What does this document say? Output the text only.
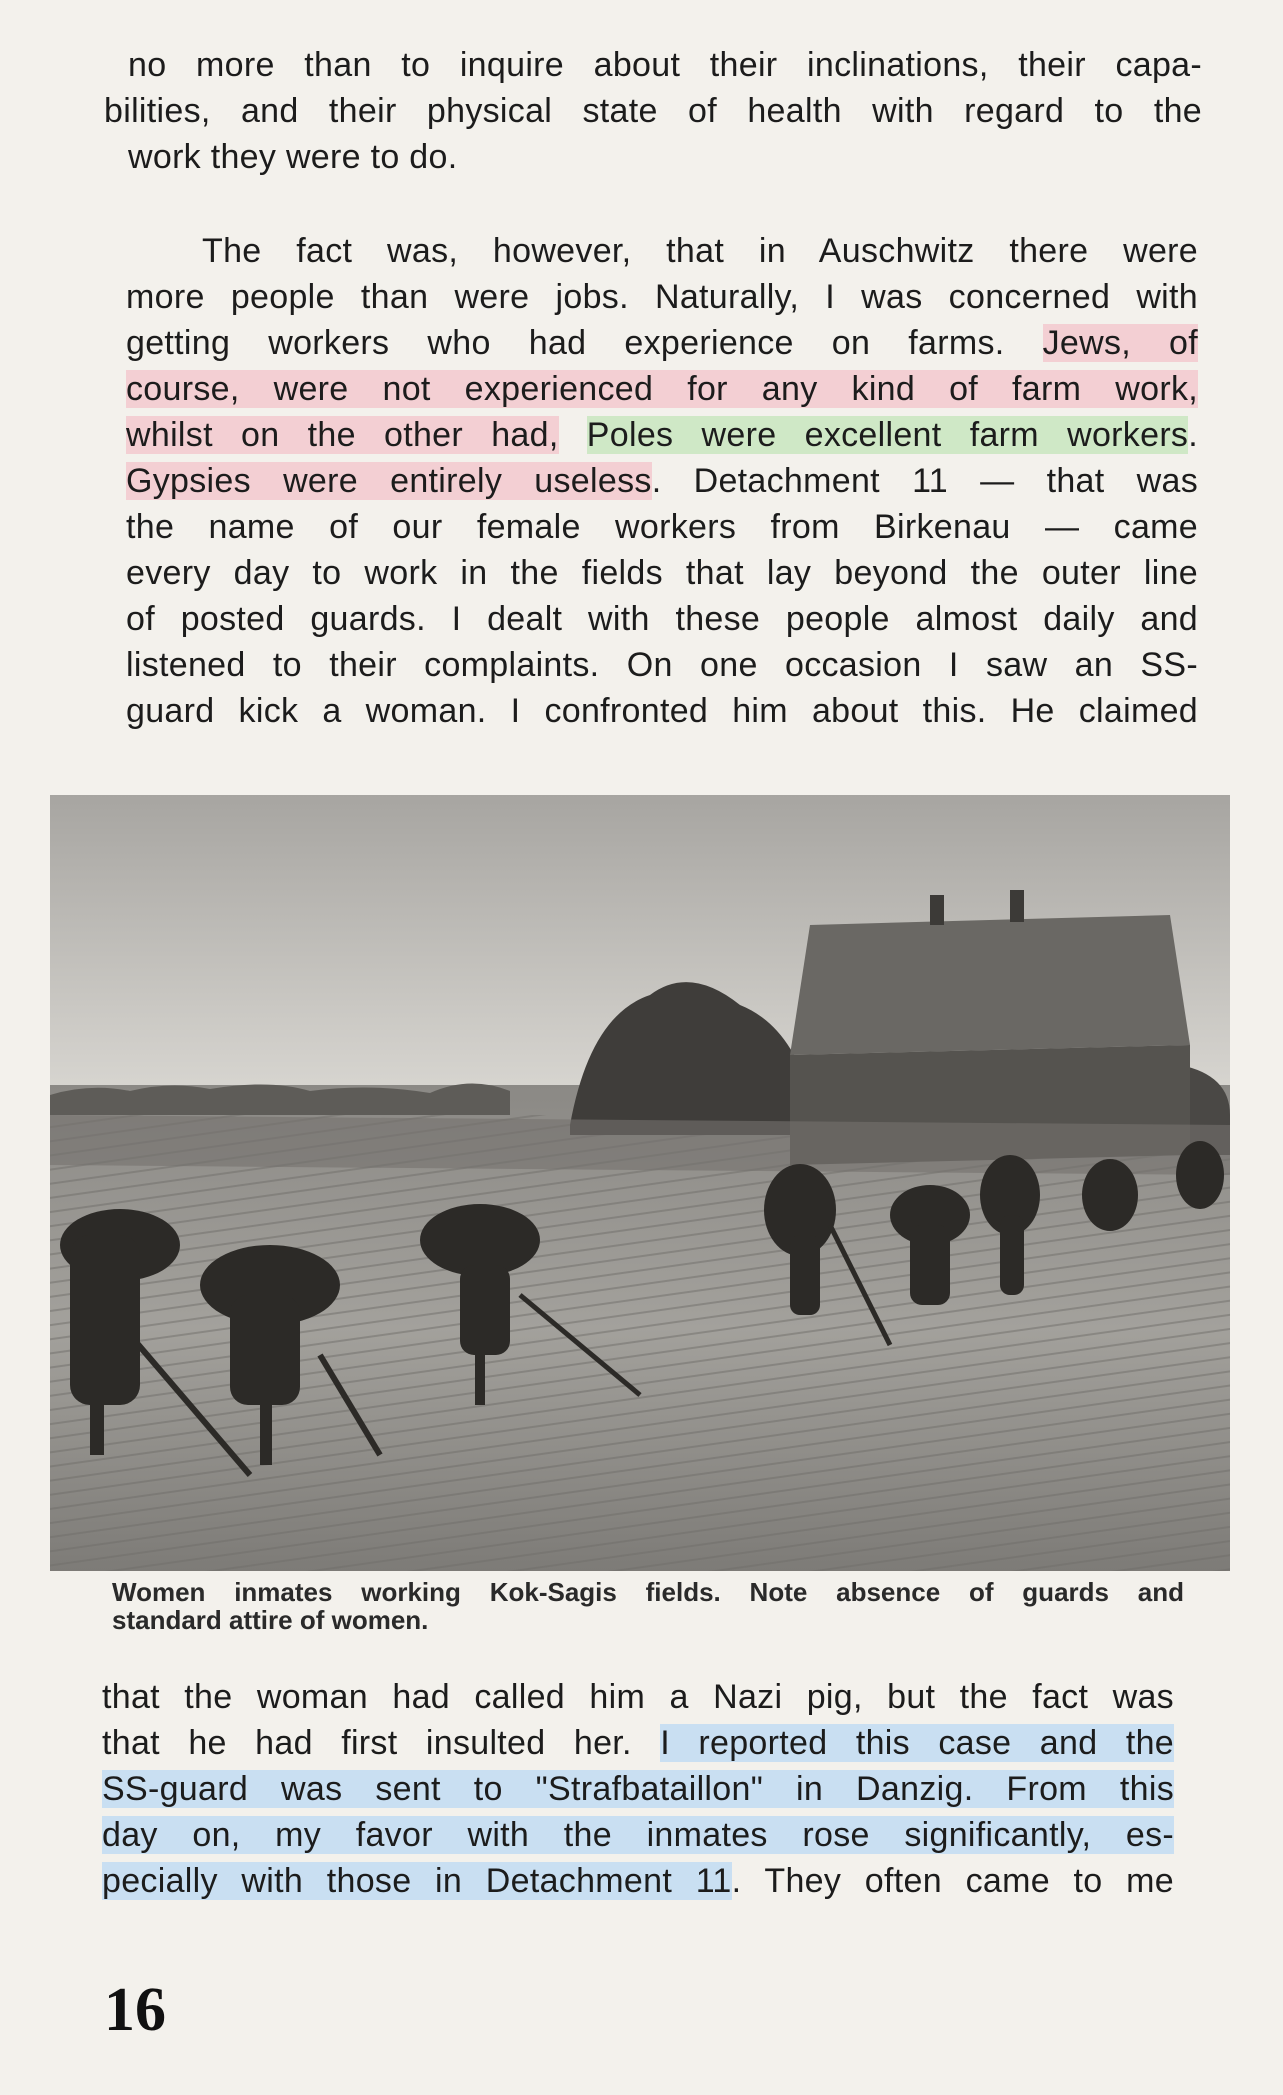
no more than to inquire about their inclinations, their capa-
bilities, and their physical state of health with regard to the
work they were to do.
The fact was, however, that in Auschwitz there were
more people than were jobs. Naturally, I was concerned with
getting workers who had experience on farms. Jews, of
course, were not experienced for any kind of farm work,
whilst on the other had, Poles were excellent farm workers.
Gypsies were entirely useless. Detachment 11 — that was
the name of our female workers from Birkenau — came
every day to work in the fields that lay beyond the outer line
of posted guards. I dealt with these people almost daily and
listened to their complaints. On one occasion I saw an SS-
guard kick a woman. I confronted him about this. He claimed
Women inmates working Kok-Sagis fields. Note absence of guards and
standard attire of women.
that the woman had called him a Nazi pig, but the fact was
that he had first insulted her. I reported this case and the
SS-guard was sent to "Strafbataillon" in Danzig. From this
day on, my favor with the inmates rose significantly, es-
pecially with those in Detachment 11. They often came to me
16
